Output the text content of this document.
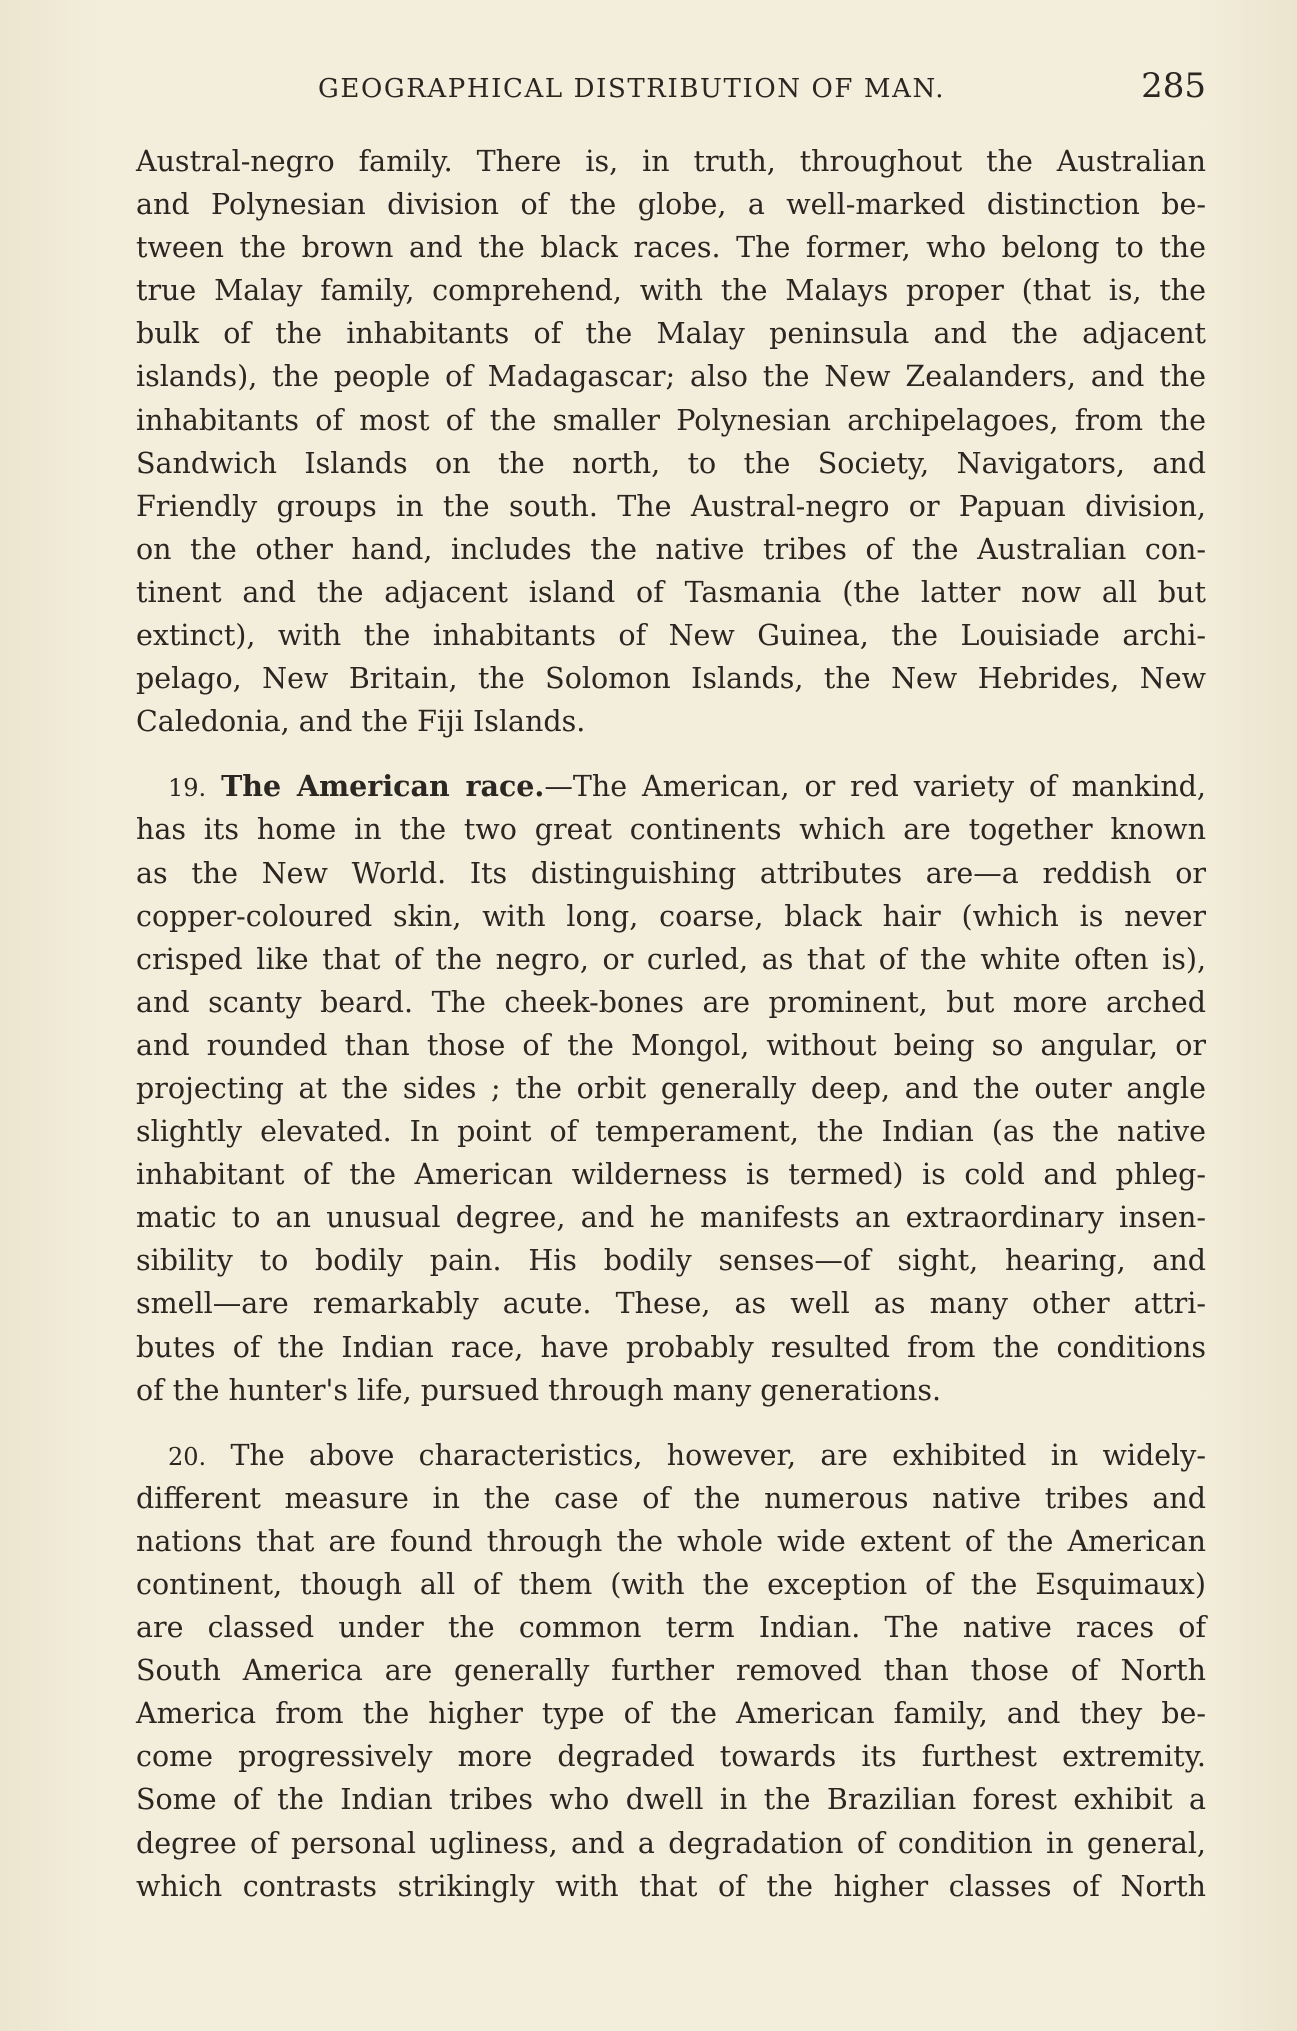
GEOGRAPHICAL DISTRIBUTION OF MAN.	285
Austral-negro family. There is, in truth, throughout the Australian
and Polynesian division of the globe, a well-marked distinction be-
tween the brown and the black races. The former, who belong to the
true Malay family, comprehend, with the Malays proper (that is, the
bulk of the inhabitants of the Malay peninsula and the adjacent
islands), the people of Madagascar; also the New Zealanders, and the
inhabitants of most of the smaller Polynesian archipelagoes, from the
Sandwich Islands on the north, to the Society, Navigators, and
Friendly groups in the south. The Austral-negro or Papuan division,
on the other hand, includes the native tribes of the Australian con-
tinent and the adjacent island of Tasmania (the latter now all but
extinct), with the inhabitants of New Guinea, the Louisiade archi-
pelago, New Britain, the Solomon Islands, the New Hebrides, New
Caledonia, and the Fiji Islands.
19. The American race.—The American, or red variety of mankind,
has its home in the two great continents which are together known
as the New World. Its distinguishing attributes are—a reddish or
copper-coloured skin, with long, coarse, black hair (which is never
crisped like that of the negro, or curled, as that of the white often is),
and scanty beard. The cheek-bones are prominent, but more arched
and rounded than those of the Mongol, without being so angular, or
projecting at the sides ; the orbit generally deep, and the outer angle
slightly elevated. In point of temperament, the Indian (as the native
inhabitant of the American wilderness is termed) is cold and phleg-
matic to an unusual degree, and he manifests an extraordinary insen-
sibility to bodily pain. His bodily senses—of sight, hearing, and
smell—are remarkably acute. These, as well as many other attri-
butes of the Indian race, have probably resulted from the conditions
of the hunter's life, pursued through many generations.
20. The above characteristics, however, are exhibited in widely-
different measure in the case of the numerous native tribes and
nations that are found through the whole wide extent of the American
continent, though all of them (with the exception of the Esquimaux)
are classed under the common term Indian. The native races of
South America are generally further removed than those of North
America from the higher type of the American family, and they be-
come progressively more degraded towards its furthest extremity.
Some of the Indian tribes who dwell in the Brazilian forest exhibit a
degree of personal ugliness, and a degradation of condition in general,
which contrasts strikingly with that of the higher classes of North
